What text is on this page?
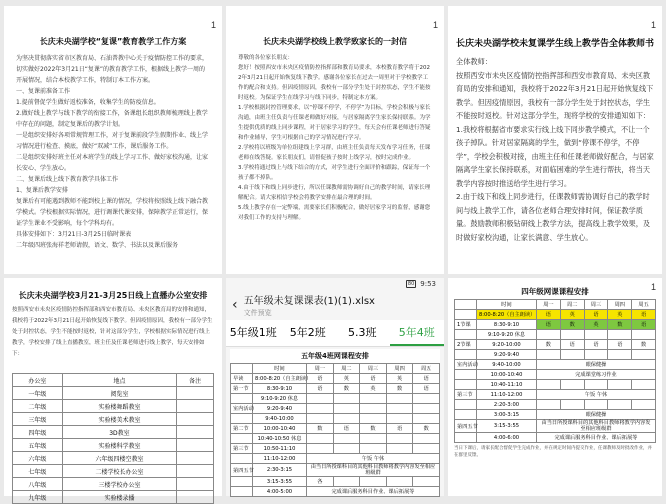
1
长庆未央湖学校“复课”教育教学工作方案
为坚决贯彻落实省市区教育局、石油普教中心关于疫情防控工作的要求，切实做好2022年3月21日“复课”的教育教学工作，根据线上教学一周的开展情况，结合本校教学工作，特制订本工作方案。
一、复课前准备工作
1.提前督促学生做好返校准备，收集学生的防疫信息。
2.做好线上教学与线下教学的衔接工作，备课组长组织教师梳理线上教学中存在的问题，制定复课后的教学计划。
一是组织安排好各项常规管理工作，对于复课前段学生假期作业、线上学习情况进行检查、摸底，做好“双减”工作，课后服务工作。
二是组织安排好班主任对本班学生的线上学习工作、做好家校沟通，让家长安心、学生放心。
二、复课后线上线下教育教学具体工作
1、复课后教学安排
复课后有可能遇到教师不能到校上课的情况，学校将按照线上线下融合教学模式。学校根据实际情况，进行调课代课安排，保障教学正常运行，保证学生课业不受影响，每个学科均有。
具体安排如下：3月21日-3月25日临时课表
二年级四班张海祥老师请假，语文、数学、书法以及课后服务
1
长庆未央湖学校线上教学致家长的一封信
尊敬的各位家长朋友：
您好！按照西安市未央区疫情防控指挥部和教育局要求，本校教育教学将于2022年3月21日起开始恢复线下教学。感谢各位家长在过去一周里对于学校教学工作的配合和支持。但因疫情原因，我校有一部分学生处于封控状态，学生不能按时返校。为保证学生在线学习与线下同步，特制定本方案。
1.学校根据封控管理要求，以“停课不停学，不停学”为目标，学校会积极与家长沟通，由班主任负责与任课老师做好对接，与居家隔离学生家长保持联系。为学生提供优质的线上同步课程，对于居家学习的学生，每天会有任课老师进行答疑和作业辅导，学生可根据自己的学习情况进行学习。
2.学校将以班级为单位组建线上学习群，由班主任负责每天发布学习任务，任课老师在线答疑。家长朋友们，请督促孩子按时上线学习，按时完成作业。
3.学校将通过线上与线下结合的方式，对学生进行全面评价和跟踪，保证每一个孩子都不掉队。
4.由于线下和线上同步进行，所以任课教师需协调好自己的教学时间，请家长理解配合。请大家相信学校会将教学安排在最合理的时间。
5.线上教学存在一定弊端，需要家长们积极配合，做好居家学习的监督，感谢您对我们工作的支持与理解。
1
长庆未央湖学校未复课学生线上教学告全体教师书
全体教师：
按照西安市未央区疫情防控指挥部和西安市教育局、未央区教育局的安排和通知，我校将于2022年3月21日起开始恢复线下教学。但因疫情原因，我校有一部分学生处于封控状态，学生不能按时返校。针对这部分学生，现将学校的安排通知如下：
1.我校将根据省市要求实行线上线下同步教学模式，不让一个孩子掉队。针对居家隔离的学生，做到“停课不停学，不停学”，学校会积极对接，由班主任和任课老师做好配合，与居家隔离学生家长保持联系，对面临困难的学生进行帮扶，将当天教学内容按时推送给学生进行学习。
2.由于线下和线上同步进行，任课教师需协调好自己的教学时间与线上教学工作，请各位老师合理安排时间，保证教学质量。鼓励教师积极钻研线上教学方法，提高线上教学效果，及时做好家校沟通，让家长满意、学生放心。
长庆未央湖学校3月21-3月25日线上直播办公室安排
按照西安市未央区疫情防控指挥部和西安市教育局、未央区教育局的安排和通知，我校将于2022年3月21日起开始恢复线下教学。但因疫情原因，我校有一部分学生处于封控状态，学生不能按时返校，针对这部分学生，学校根据实际情况进行线上教学，学校安排了线上直播教室，班主任及任课老师进行线上教学，每天安排如下：
办公室	地点	备注
一年级	阅览室	
二年级	实验楼舞蹈教室	
三年级	实验楼美术教室	
四年级	3D教室	
五年级	实验楼科学教室	
六年级	六年级四楼空教室	
七年级	二楼学校长办公室	
八年级	三楼学校办公室	
九年级	实验楼录播	
80 9:53
‹ 五年级未复课课表(1)(1).xlsx
文件预览
5年级1班	5年2班	5.3班	5年4班
五年级4班网课程安排
	时间	周一	周二	周三	周四	周五
早读	8:00-8:20（自主朗读）	语	英	语	英	语
第一节	8:30-9:10	语	数	英	数	语
	9:10-9:20 休息					
室内活动	9:20-9:40					
	9:40-10:00					
第二节	10:00-10:40	数	语	数	语	数
	10:40-10:50 休息					
第三节	10:50-11:10					
	11:10-12:00	午饭 午休				
第四五节	2:30-3:15	由当日所授课科目的其他科目教师将教学内容发至相应班级群				
	3:15-3:55	各				
	4:00-5:00	完成课后服务科目作业、课后拓展等				
1
四年级网课课程安排
	时间	周一	周二	周三	周四	周五
	8:00-8:20（自主朗读）	语	英	语	英	语
1节课	8:30-9:10	语	数	英	数	语
	9:10-9:20 休息					
2节课	9:20-10:00	数	语	语	语	数
	9:20-9:40					
室内活动	9:40-10:00	眼保健操				
	10:00-10:40	完成课堂练习作业				
	10:40-11:10					
第三节	11:10-12:00	午饭 午休				
	2:20-3:00					
	3:00-3:15	眼保健操				
第四五节	3:15-3:55	由当日所授课科目的其他科目教师将教学内容发至相应班级群				
	4:00-6:00	完成课后服务科目作业、课后拓展等				
当日下课后，请家长配合督促学生完成作业，并在规定时间内提交作业，任课教师及时批改作业，并在群里反馈。
